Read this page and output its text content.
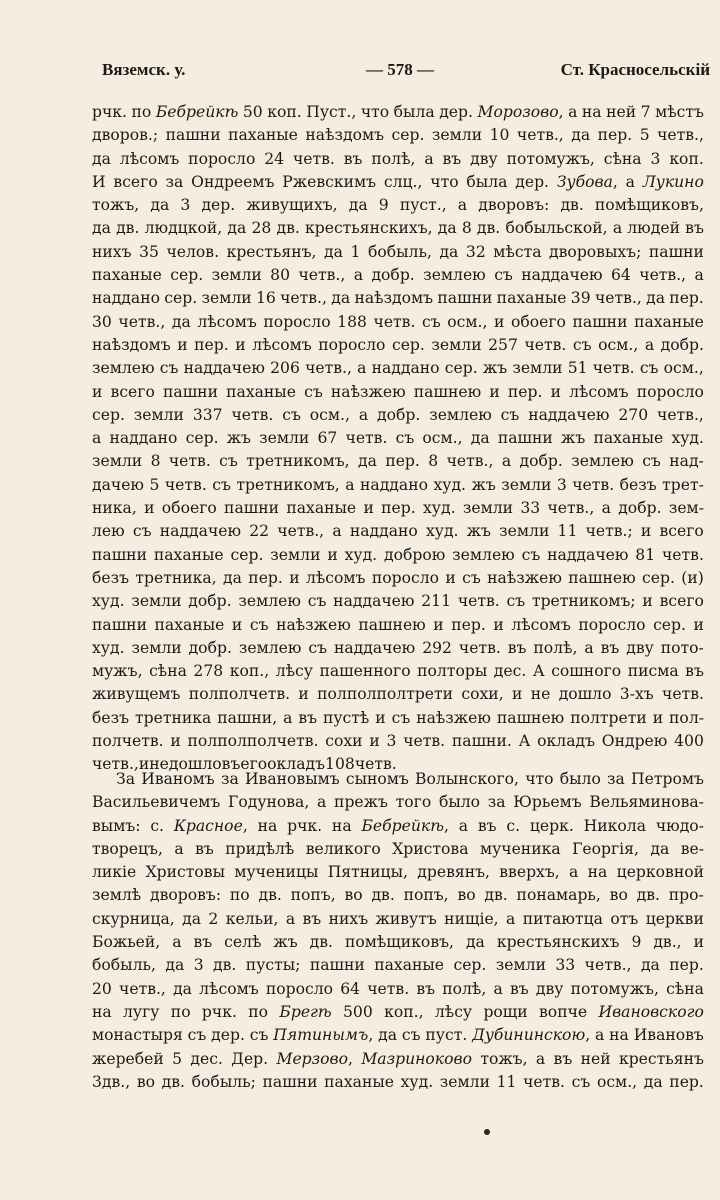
Вяземск. у.	— 578 —	Ст. Красносельскій
рчк. по Бебрейкѣ 50 коп. Пуст., что была дер. Морозово, а на ней 7 мѣстъ
дворов.; пашни паханые наѣздомъ сер. земли 10 четв., да пер. 5 четв.,
да лѣсомъ поросло 24 четв. въ полѣ, а въ дву потомужъ, сѣна 3 коп.
И всего за Ондреемъ Ржевскимъ слц., что была дер. Зубова, а Лукино
тожъ, да 3 дер. живущихъ, да 9 пуст., а дворовъ: дв. помѣщиковъ,
да дв. людцкой, да 28 дв. крестьянскихъ, да 8 дв. бобыльской, а людей въ
нихъ 35 челов. крестьянъ, да 1 бобыль, да 32 мѣста дворовыхъ; пашни
паханые сер. земли 80 четв., а добр. землею съ наддачею 64 четв., а
наддано сер. земли 16 четв., да наѣздомъ пашни паханые 39 четв., да пер.
30 четв., да лѣсомъ поросло 188 четв. съ осм., и обоего пашни паханые
наѣздомъ и пер. и лѣсомъ поросло сер. земли 257 четв. съ осм., а добр.
землею съ наддачею 206 четв., а наддано сер. жъ земли 51 четв. съ осм.,
и всего пашни паханые съ наѣзжею пашнею и пер. и лѣсомъ поросло
сер. земли 337 четв. съ осм., а добр. землею съ наддачею 270 четв.,
а наддано сер. жъ земли 67 четв. съ осм., да пашни жъ паханые худ.
земли 8 четв. съ третникомъ, да пер. 8 четв., а добр. землею съ над-
дачею 5 четв. съ третникомъ, а наддано худ. жъ земли 3 четв. безъ трет-
ника, и обоего пашни паханые и пер. худ. земли 33 четв., а добр. зем-
лею съ наддачею 22 четв., а наддано худ. жъ земли 11 четв.; и всего
пашни паханые сер. земли и худ. доброю землею съ наддачею 81 четв.
безъ третника, да пер. и лѣсомъ поросло и съ наѣзжею пашнею сер. (и)
худ. земли добр. землею съ наддачею 211 четв. съ третникомъ; и всего
пашни паханые и съ наѣзжею пашнею и пер. и лѣсомъ поросло сер. и
худ. земли добр. землею съ наддачею 292 четв. въ полѣ, а въ дву пото-
мужъ, сѣна 278 коп., лѣсу пашенного полторы дес. А сошного писма въ
живущемъ полполчетв. и полполполтрети сохи, и не дошло 3-хъ четв.
безъ третника пашни, а въ пустѣ и съ наѣзжею пашнею полтрети и пол-
полчетв. и полполполчетв. сохи и 3 четв. пашни. А окладъ Ондрею 400
четв., и не дошло въ его окладъ 108 четв.
За Иваномъ за Ивановымъ сыномъ Волынского, что было за Петромъ
Васильевичемъ Годунова, а прежъ того было за Юрьемъ Вельяминова-
вымъ: с. Красное, на рчк. на Бебрейкѣ, а въ с. церк. Никола чюдо-
творецъ, а въ придѣлѣ великого Христова мученика Георгія, да ве-
ликіе Христовы мученицы Пятницы, древянъ, вверхъ, а на церковной
землѣ дворовъ: по дв. попъ, во дв. попъ, во дв. понамарь, во дв. про-
скурница, да 2 кельи, а въ нихъ живутъ нищіе, а питаютца отъ церкви
Божьей, а въ селѣ жъ дв. помѣщиковъ, да крестьянскихъ 9 дв., и
бобыль, да 3 дв. пусты; пашни паханые сер. земли 33 четв., да пер.
20 четв., да лѣсомъ поросло 64 четв. въ полѣ, а въ дву потомужъ, сѣна
на лугу по рчк. по Брегѣ 500 коп., лѣсу рощи вопче Ивановского
монастыря съ дер. съ Пятинымъ, да съ пуст. Дубининскою, а на Ивановъ
жеребей 5 дес. Дер. Мерзово, Мазриноково тожъ, а въ ней крестьянъ
3дв., во дв. бобыль; пашни паханые худ. земли 11 четв. съ осм., да пер.
